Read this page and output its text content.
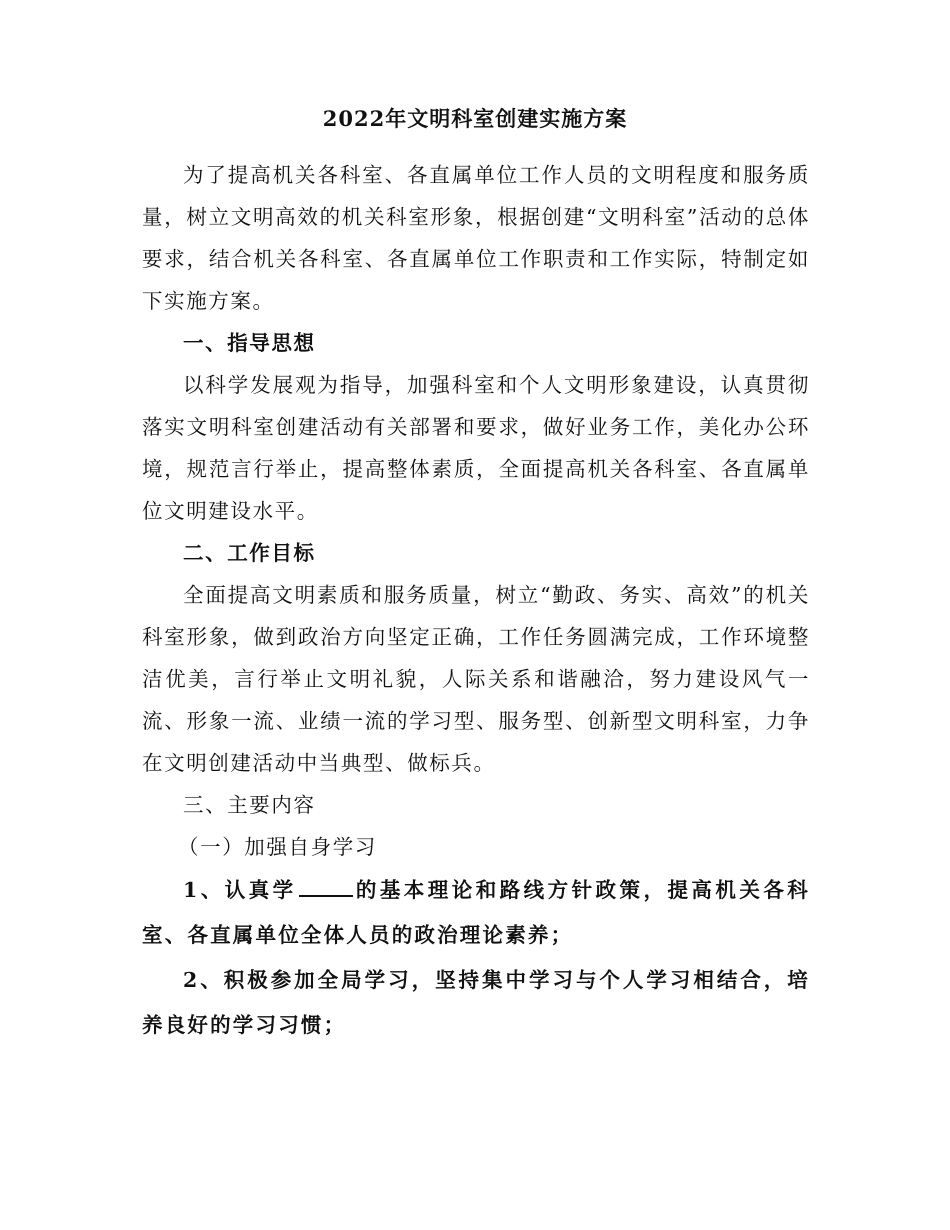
2022年文明科室创建实施方案

为了提高机关各科室、各直属单位工作人员的文明程度和服务质量，树立文明高效的机关科室形象，根据创建“文明科室”活动的总体要求，结合机关各科室、各直属单位工作职责和工作实际，特制定如下实施方案。

一、指导思想

以科学发展观为指导，加强科室和个人文明形象建设，认真贯彻落实文明科室创建活动有关部署和要求，做好业务工作，美化办公环境，规范言行举止，提高整体素质，全面提高机关各科室、各直属单位文明建设水平。

二、工作目标

全面提高文明素质和服务质量，树立“勤政、务实、高效”的机关科室形象，做到政治方向坚定正确，工作任务圆满完成，工作环境整洁优美，言行举止文明礼貌，人际关系和谐融洽，努力建设风气一流、形象一流、业绩一流的学习型、服务型、创新型文明科室，力争在文明创建活动中当典型、做标兵。

三、主要内容

（一）加强自身学习

1、认真学	的基本理论和路线方针政策，提高机关各科室、各直属单位全体人员的政治理论素养；

2、积极参加全局学习，坚持集中学习与个人学习相结合，培养良好的学习习惯；
